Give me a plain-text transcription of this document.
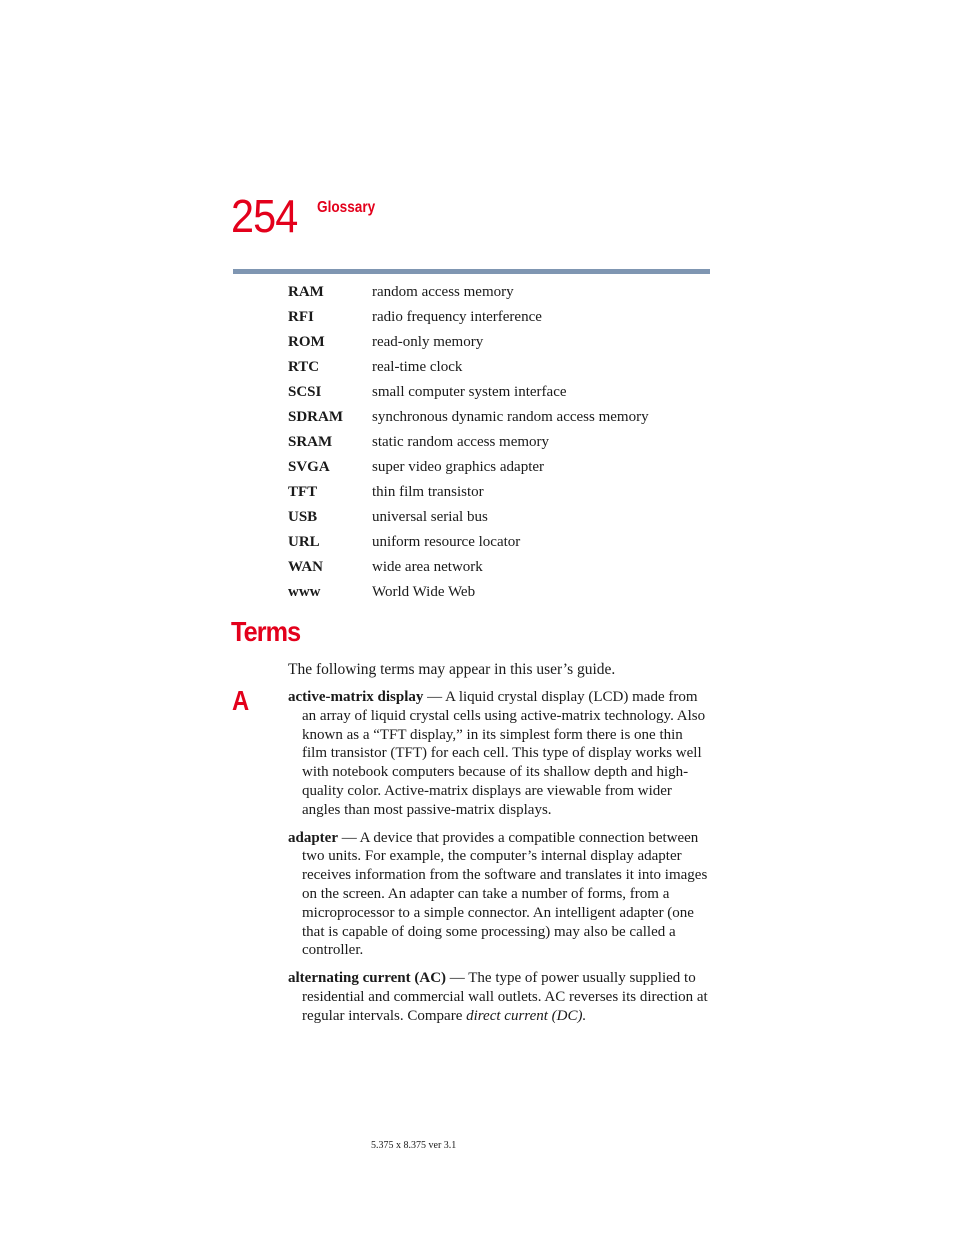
254 Glossary
RAM	random access memory
RFI	radio frequency interference
ROM	read-only memory
RTC	real-time clock
SCSI	small computer system interface
SDRAM	synchronous dynamic random access memory
SRAM	static random access memory
SVGA	super video graphics adapter
TFT	thin film transistor
USB	universal serial bus
URL	uniform resource locator
WAN	wide area network
www	World Wide Web
Terms
The following terms may appear in this user’s guide.
A	active-matrix display — A liquid crystal display (LCD) made from an array of liquid crystal cells using active-matrix technology. Also known as a “TFT display,” in its simplest form there is one thin film transistor (TFT) for each cell. This type of display works well with notebook computers because of its shallow depth and high-quality color. Active-matrix displays are viewable from wider angles than most passive-matrix displays.
adapter — A device that provides a compatible connection between two units. For example, the computer’s internal display adapter receives information from the software and translates it into images on the screen. An adapter can take a number of forms, from a microprocessor to a simple connector. An intelligent adapter (one that is capable of doing some processing) may also be called a controller.
alternating current (AC) — The type of power usually supplied to residential and commercial wall outlets. AC reverses its direction at regular intervals. Compare direct current (DC).
5.375 x 8.375 ver 3.1
